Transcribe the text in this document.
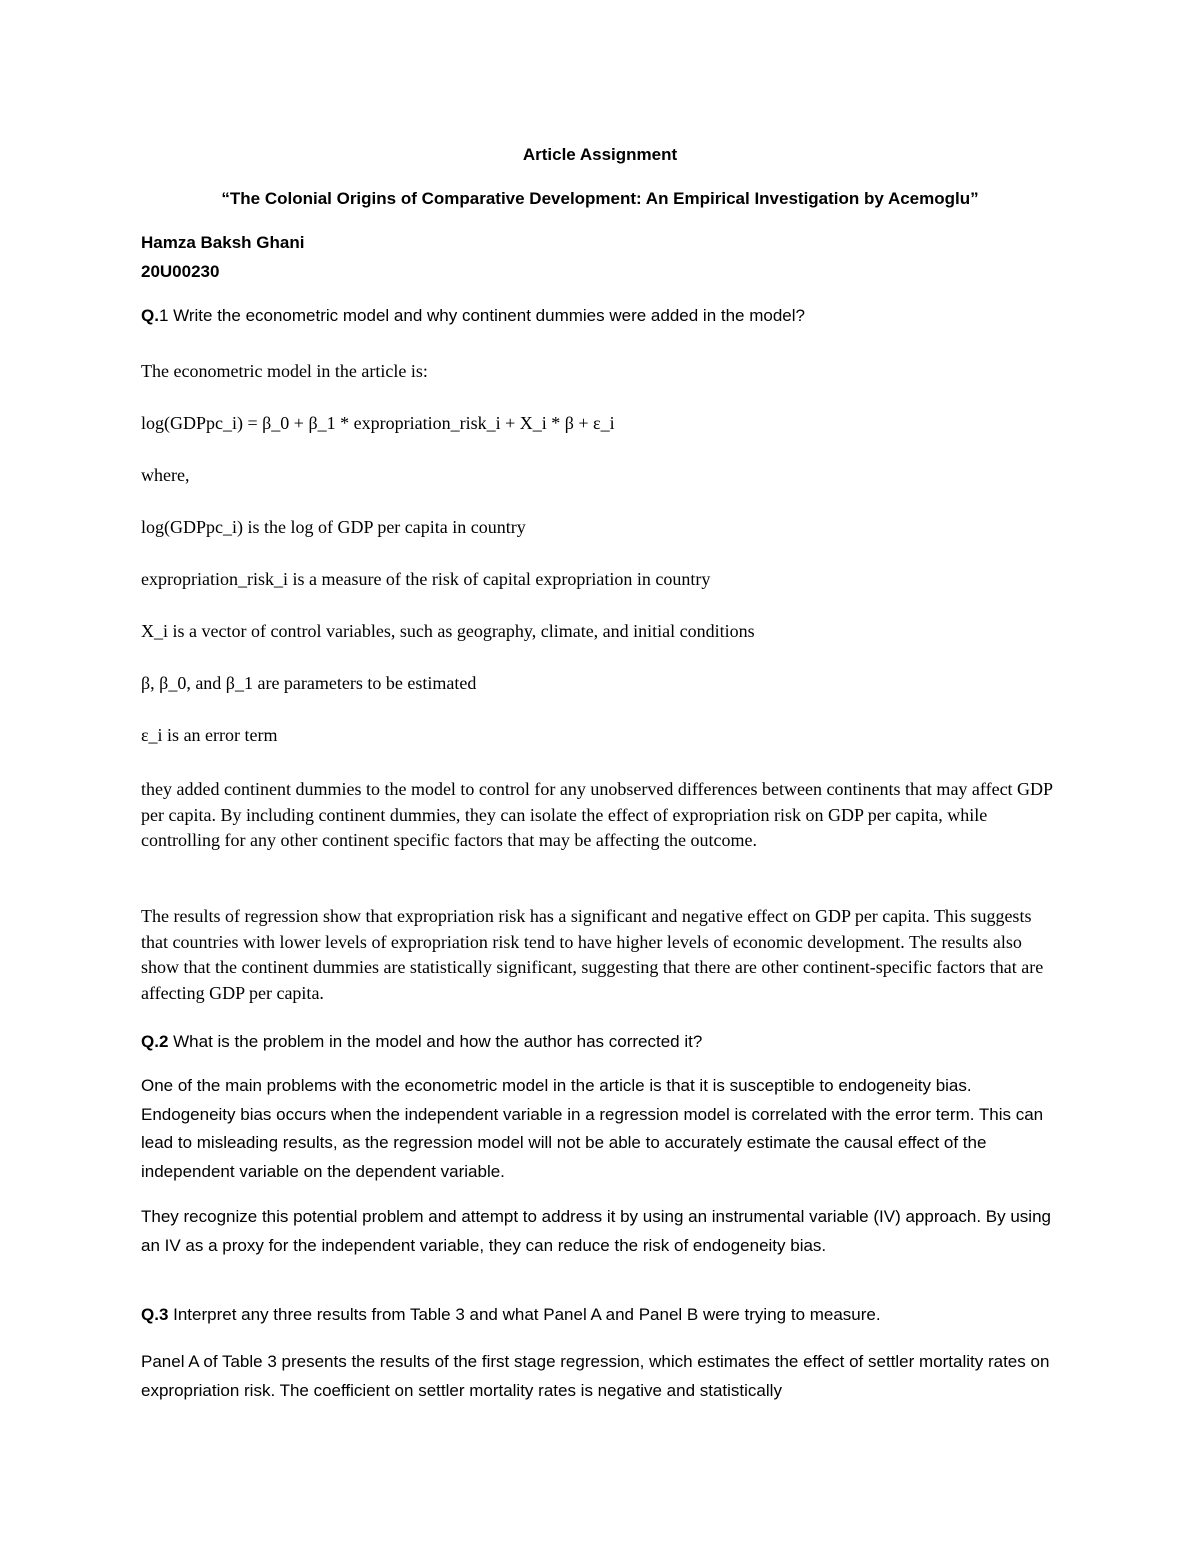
Article Assignment
“The Colonial Origins of Comparative Development: An Empirical Investigation by Acemoglu”
Hamza Baksh Ghani
20U00230
Q.1 Write the econometric model and why continent dummies were added in the model?
The econometric model in the article is:
log(GDPpc_i) = β_0 + β_1 * expropriation_risk_i + X_i * β + ε_i
where,
log(GDPpc_i) is the log of GDP per capita in country
expropriation_risk_i is a measure of the risk of capital expropriation in country
X_i is a vector of control variables, such as geography, climate, and initial conditions
β, β_0, and β_1 are parameters to be estimated
ε_i is an error term
they added continent dummies to the model to control for any unobserved differences between continents that may affect GDP per capita. By including continent dummies, they can isolate the effect of expropriation risk on GDP per capita, while controlling for any other continent specific factors that may be affecting the outcome.
The results of regression show that expropriation risk has a significant and negative effect on GDP per capita. This suggests that countries with lower levels of expropriation risk tend to have higher levels of economic development. The results also show that the continent dummies are statistically significant, suggesting that there are other continent-specific factors that are affecting GDP per capita.
Q.2 What is the problem in the model and how the author has corrected it?
One of the main problems with the econometric model in the article is that it is susceptible to endogeneity bias. Endogeneity bias occurs when the independent variable in a regression model is correlated with the error term. This can lead to misleading results, as the regression model will not be able to accurately estimate the causal effect of the independent variable on the dependent variable.
They recognize this potential problem and attempt to address it by using an instrumental variable (IV) approach. By using an IV as a proxy for the independent variable, they can reduce the risk of endogeneity bias.
Q.3 Interpret any three results from Table 3 and what Panel A and Panel B were trying to measure.
Panel A of Table 3 presents the results of the first stage regression, which estimates the effect of settler mortality rates on expropriation risk. The coefficient on settler mortality rates is negative and statistically
